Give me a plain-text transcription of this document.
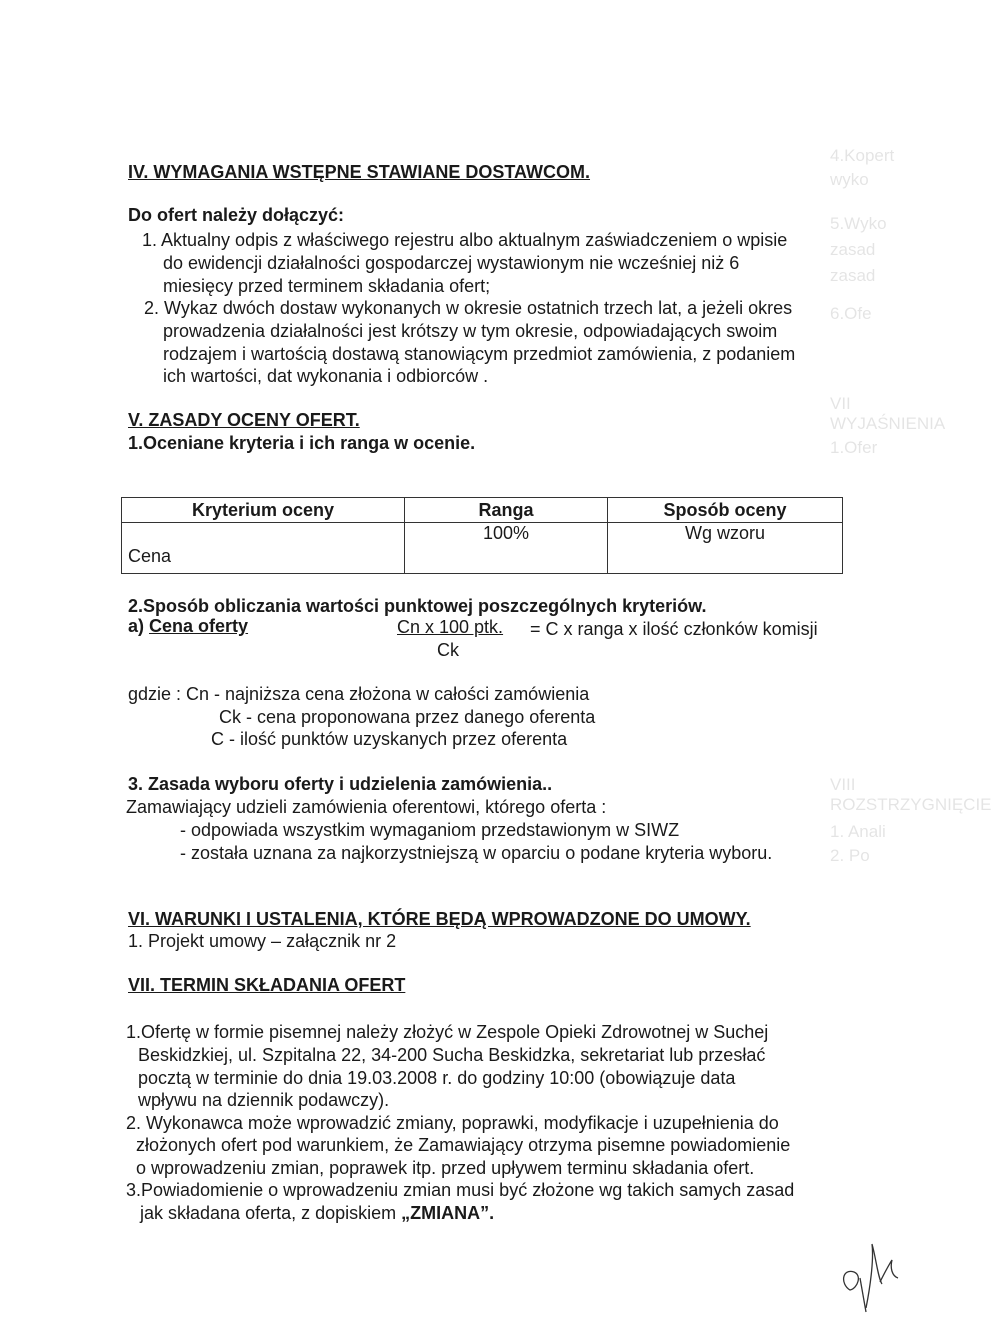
4.Kopert
wyko
zasad
5.Wyko
zasad
6.Ofe
VII WYJAŚNIENIA
1.Ofer
VIII ROZSTRZYGNIĘCIE
1. Anali
2. Po
IV. WYMAGANIA WSTĘPNE STAWIANE DOSTAWCOM.
Do ofert należy dołączyć:
1. Aktualny odpis z właściwego rejestru albo aktualnym zaświadczeniem o wpisie
do ewidencji działalności gospodarczej wystawionym nie wcześniej niż 6
miesięcy przed terminem składania ofert;
2. Wykaz dwóch dostaw wykonanych w okresie ostatnich trzech lat, a jeżeli okres
prowadzenia działalności jest krótszy w tym okresie, odpowiadających swoim
rodzajem i wartością dostawą stanowiącym przedmiot zamówienia, z podaniem
ich wartości, dat wykonania i odbiorców .
V. ZASADY OCENY OFERT.
1.Oceniane kryteria i ich ranga w ocenie.
Kryterium oceny	Ranga	Sposób oceny
Cena	100%	Wg wzoru
2.Sposób obliczania wartości punktowej poszczególnych kryteriów.
a) Cena oferty	Cn x 100 ptk. = C x ranga x ilość członków komisji
Ck
gdzie : Cn - najniższa cena złożona w całości zamówienia
Ck - cena proponowana przez danego oferenta
C - ilość punktów uzyskanych przez oferenta
3. Zasada wyboru oferty i udzielenia zamówienia..
Zamawiający udzieli zamówienia oferentowi, którego oferta :
- odpowiada wszystkim wymaganiom przedstawionym w SIWZ
- została uznana za najkorzystniejszą w oparciu o podane kryteria wyboru.
VI. WARUNKI I USTALENIA, KTÓRE BĘDĄ WPROWADZONE DO UMOWY.
1. Projekt umowy – załącznik nr 2
VII. TERMIN SKŁADANIA OFERT
1.Ofertę w formie pisemnej należy złożyć w Zespole Opieki Zdrowotnej w Suchej
Beskidzkiej, ul. Szpitalna 22, 34-200 Sucha Beskidzka, sekretariat lub przesłać
pocztą w terminie do dnia 19.03.2008 r. do godziny 10:00 (obowiązuje data
wpływu na dziennik podawczy).
2. Wykonawca może wprowadzić zmiany, poprawki, modyfikacje i uzupełnienia do
złożonych ofert pod warunkiem, że Zamawiający otrzyma pisemne powiadomienie
o wprowadzeniu zmian, poprawek itp. przed upływem terminu składania ofert.
3.Powiadomienie o wprowadzeniu zmian musi być złożone wg takich samych zasad
jak składana oferta, z dopiskiem „ZMIANA”.
